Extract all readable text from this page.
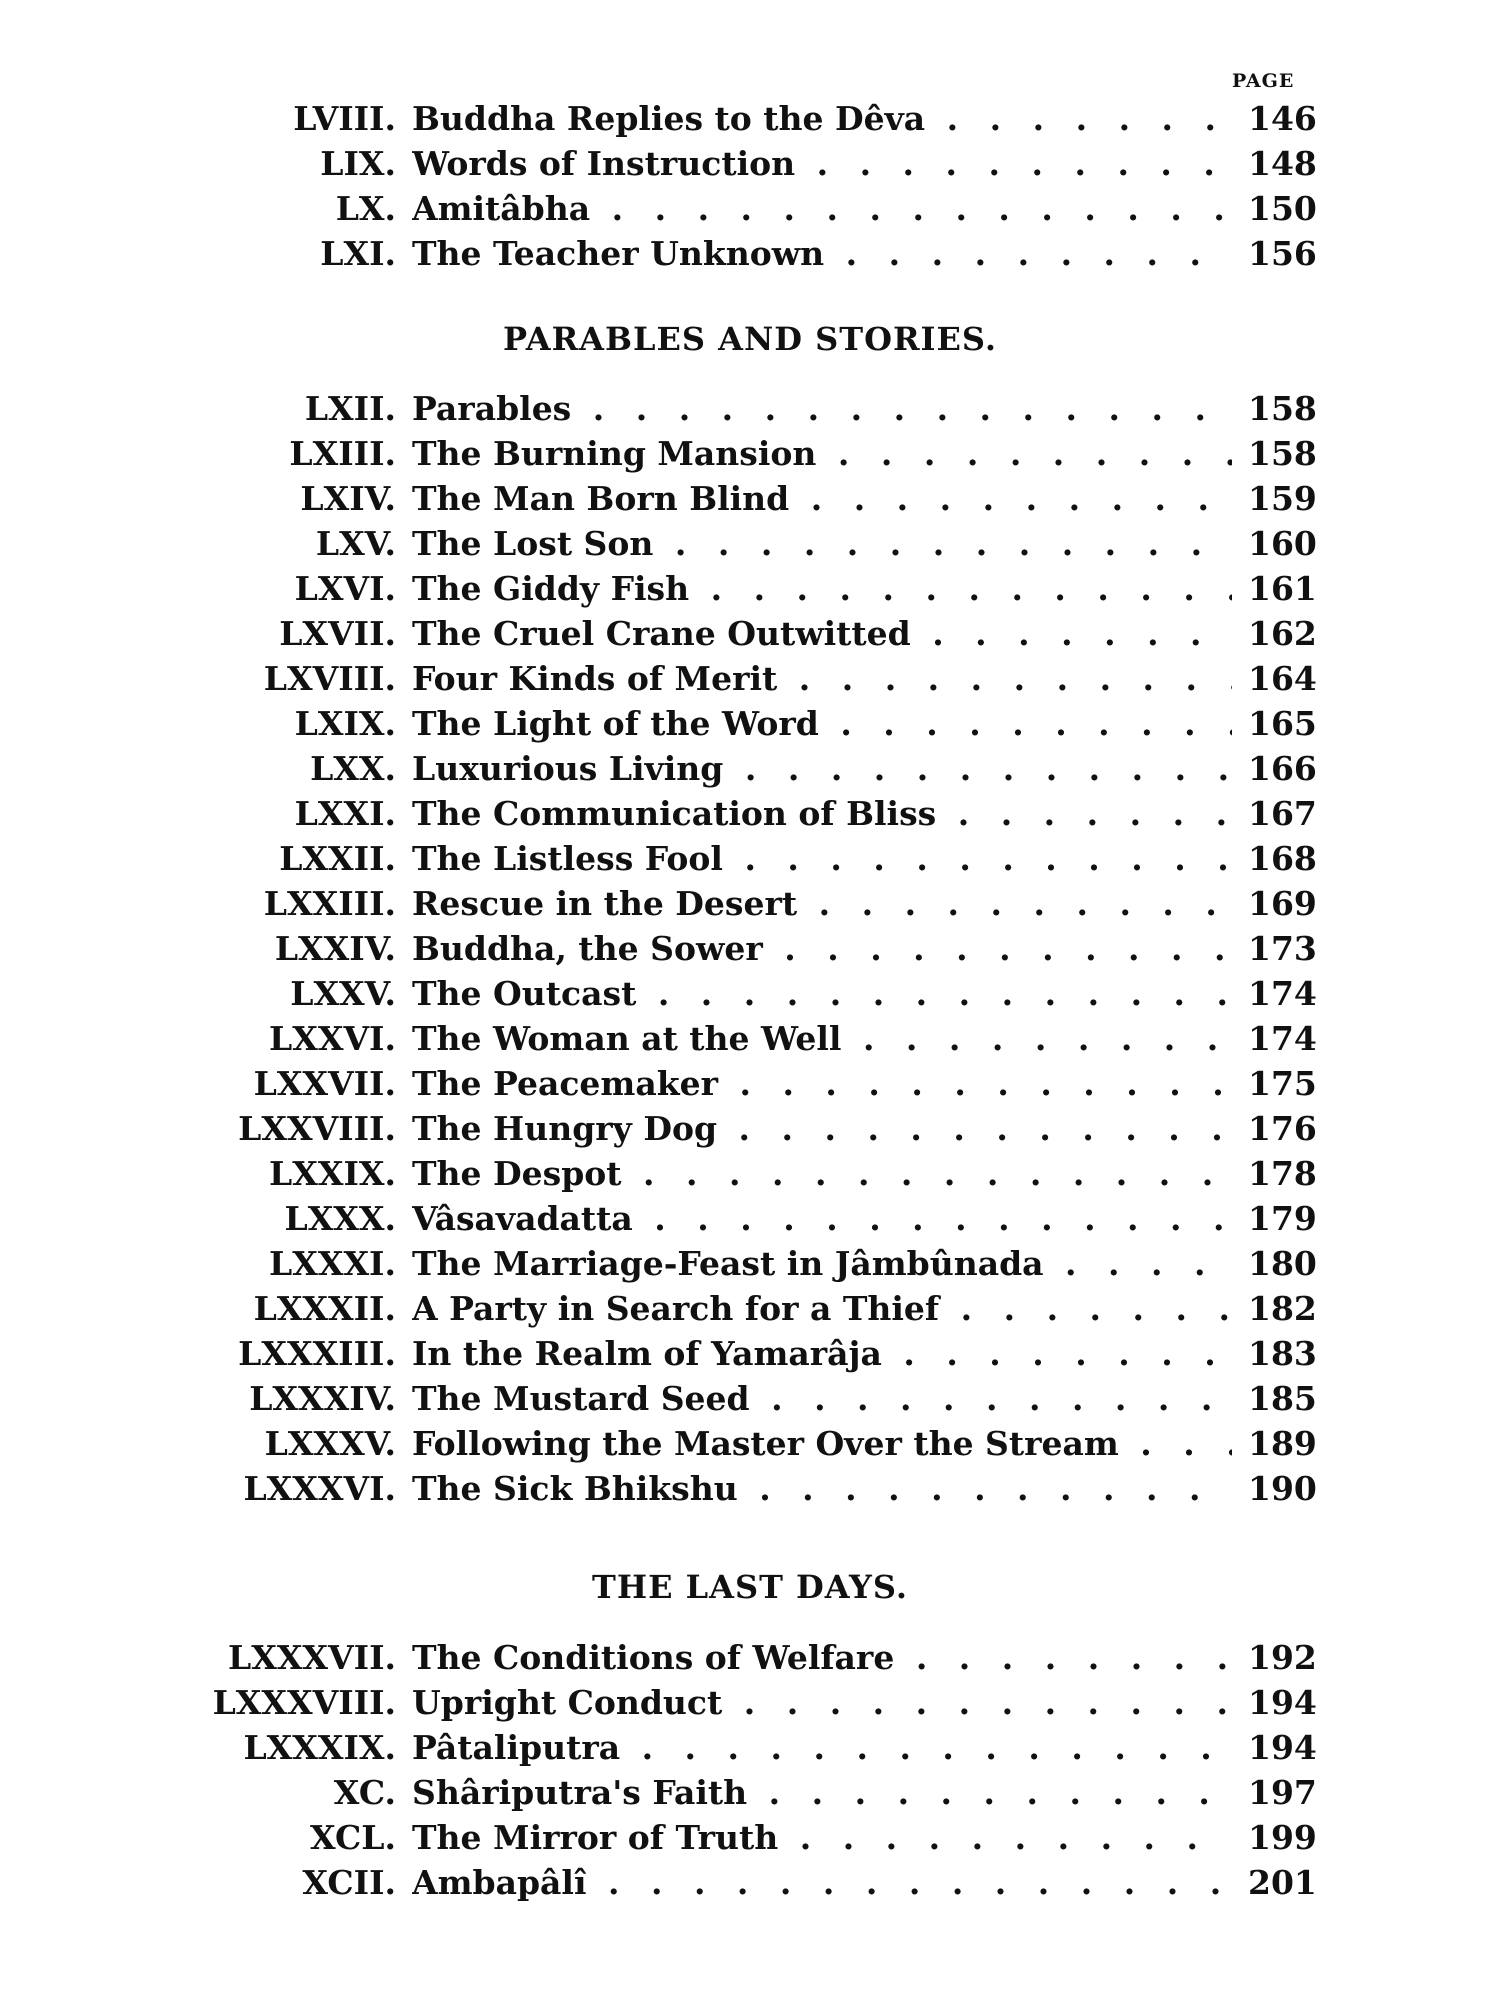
PAGE
LVIII. Buddha Replies to the Dêva . . .	146
LIX. Words of Instruction . . .	148
LX. Amitâbha . . .	150
LXI. The Teacher Unknown . . .	156
PARABLES AND STORIES.
LXII. Parables . . .	158
LXIII. The Burning Mansion . . .	158
LXIV. The Man Born Blind . . .	159
LXV. The Lost Son . . .	160
LXVI. The Giddy Fish . . .	161
LXVII. The Cruel Crane Outwitted . . .	162
LXVIII. Four Kinds of Merit . . .	164
LXIX. The Light of the Word . . .	165
LXX. Luxurious Living . . .	166
LXXI. The Communication of Bliss . . .	167
LXXII. The Listless Fool . . .	168
LXXIII. Rescue in the Desert . . .	169
LXXIV. Buddha, the Sower . . .	173
LXXV. The Outcast . . .	174
LXXVI. The Woman at the Well . . .	174
LXXVII. The Peacemaker . . .	175
LXXVIII. The Hungry Dog . . .	176
LXXIX. The Despot . . .	178
LXXX. Vâsavadatta . . .	179
LXXXI. The Marriage-Feast in Jâmbûnada . . .	180
LXXXII. A Party in Search for a Thief . . .	182
LXXXIII. In the Realm of Yamarâja . . .	183
LXXXIV. The Mustard Seed . . .	185
LXXXV. Following the Master Over the Stream . . .	189
LXXXVI. The Sick Bhikshu . . .	190
THE LAST DAYS.
LXXXVII. The Conditions of Welfare . . .	192
LXXXVIII. Upright Conduct . . .	194
LXXXIX. Pâtaliputra . . .	194
XC. Shâriputra's Faith . . .	197
XCL. The Mirror of Truth . . .	199
XCII. Ambapâlî . . .	201
